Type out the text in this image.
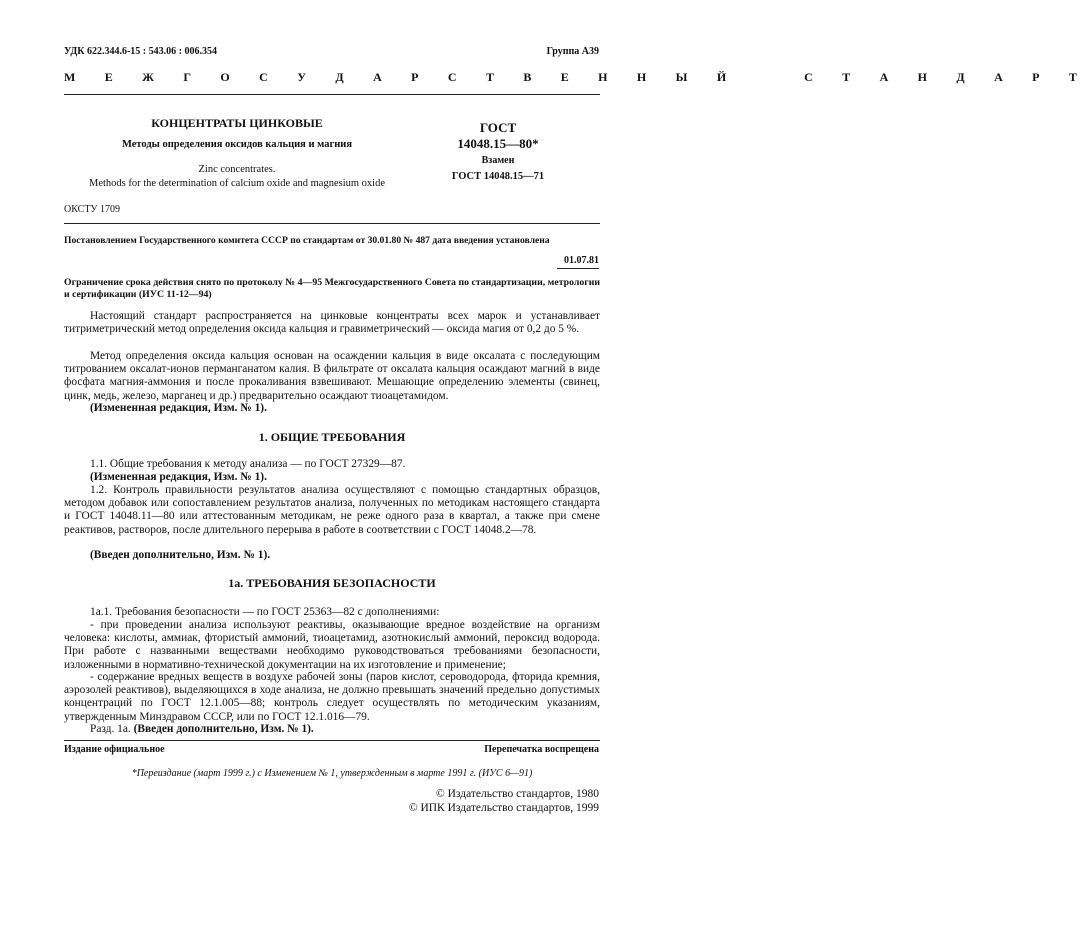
УДК 622.344.6-15 : 543.06 : 006.354	Группа А39
М Е Ж Г О С У Д А Р С Т В Е Н Н Ы Й    С Т А Н Д А Р Т
КОНЦЕНТРАТЫ ЦИНКОВЫЕ
Методы определения оксидов кальция и магния
Zinc concentrates.
Methods for the determination of calcium oxide and magnesium oxide
ГОСТ
14048.15—80*
Взамен
ГОСТ 14048.15—71
ОКСТУ 1709
Постановлением Государственного комитета СССР по стандартам от 30.01.80 № 487 дата введения установлена
01.07.81
Ограничение срока действия снято по протоколу № 4—95 Межгосударственного Совета по стандартизации, метрологии и сертификации (ИУС 11-12—94)
Настоящий стандарт распространяется на цинковые концентраты всех марок и устанавливает титриметрический метод определения оксида кальция и гравиметрический — оксида магия от 0,2 до 5 %.
Метод определения оксида кальция основан на осаждении кальция в виде оксалата с последующим титрованием оксалат-ионов перманганатом калия. В фильтрате от оксалата кальция осаждают магний в виде фосфата магния-аммония и после прокаливания взвешивают. Мешающие определению элементы (свинец, цинк, медь, железо, марганец и др.) предварительно осаждают тиоацетамидом.
(Измененная редакция, Изм. № 1).
1. ОБЩИЕ ТРЕБОВАНИЯ
1.1. Общие требования к методу анализа — по ГОСТ 27329—87.
(Измененная редакция, Изм. № 1).
1.2. Контроль правильности результатов анализа осуществляют с помощью стандартных образцов, методом добавок или сопоставлением результатов анализа, полученных по методикам настоящего стандарта и ГОСТ 14048.11—80 или аттестованным методикам, не реже одного раза в квартал, а также при смене реактивов, растворов, после длительного перерыва в работе в соответствии с ГОСТ 14048.2—78.
(Введен дополнительно, Изм. № 1).
1а. ТРЕБОВАНИЯ БЕЗОПАСНОСТИ
1а.1. Требования безопасности — по ГОСТ 25363—82 с дополнениями:
- при проведении анализа используют реактивы, оказывающие вредное воздействие на организм человека: кислоты, аммиак, фтористый аммоний, тиоацетамид, азотнокислый аммоний, пероксид водорода. При работе с названными веществами необходимо руководствоваться требованиями безопасности, изложенными в нормативно-технической документации на их изготовление и применение;
- содержание вредных веществ в воздухе рабочей зоны (паров кислот, сероводорода, фторида кремния, аэрозолей реактивов), выделяющихся в ходе анализа, не должно превышать значений предельно допустимых концентраций по ГОСТ 12.1.005—88; контроль следует осуществлять по методическим указаниям, утвержденным Минздравом СССР, или по ГОСТ 12.1.016—79.
Разд. 1а. (Введен дополнительно, Изм. № 1).
Издание официальное	Перепечатка воспрещена
*Переиздание (март 1999 г.) с Изменением № 1, утвержденным в марте 1991 г. (ИУС 6—91)
© Издательство стандартов, 1980
© ИПК Издательство стандартов, 1999
